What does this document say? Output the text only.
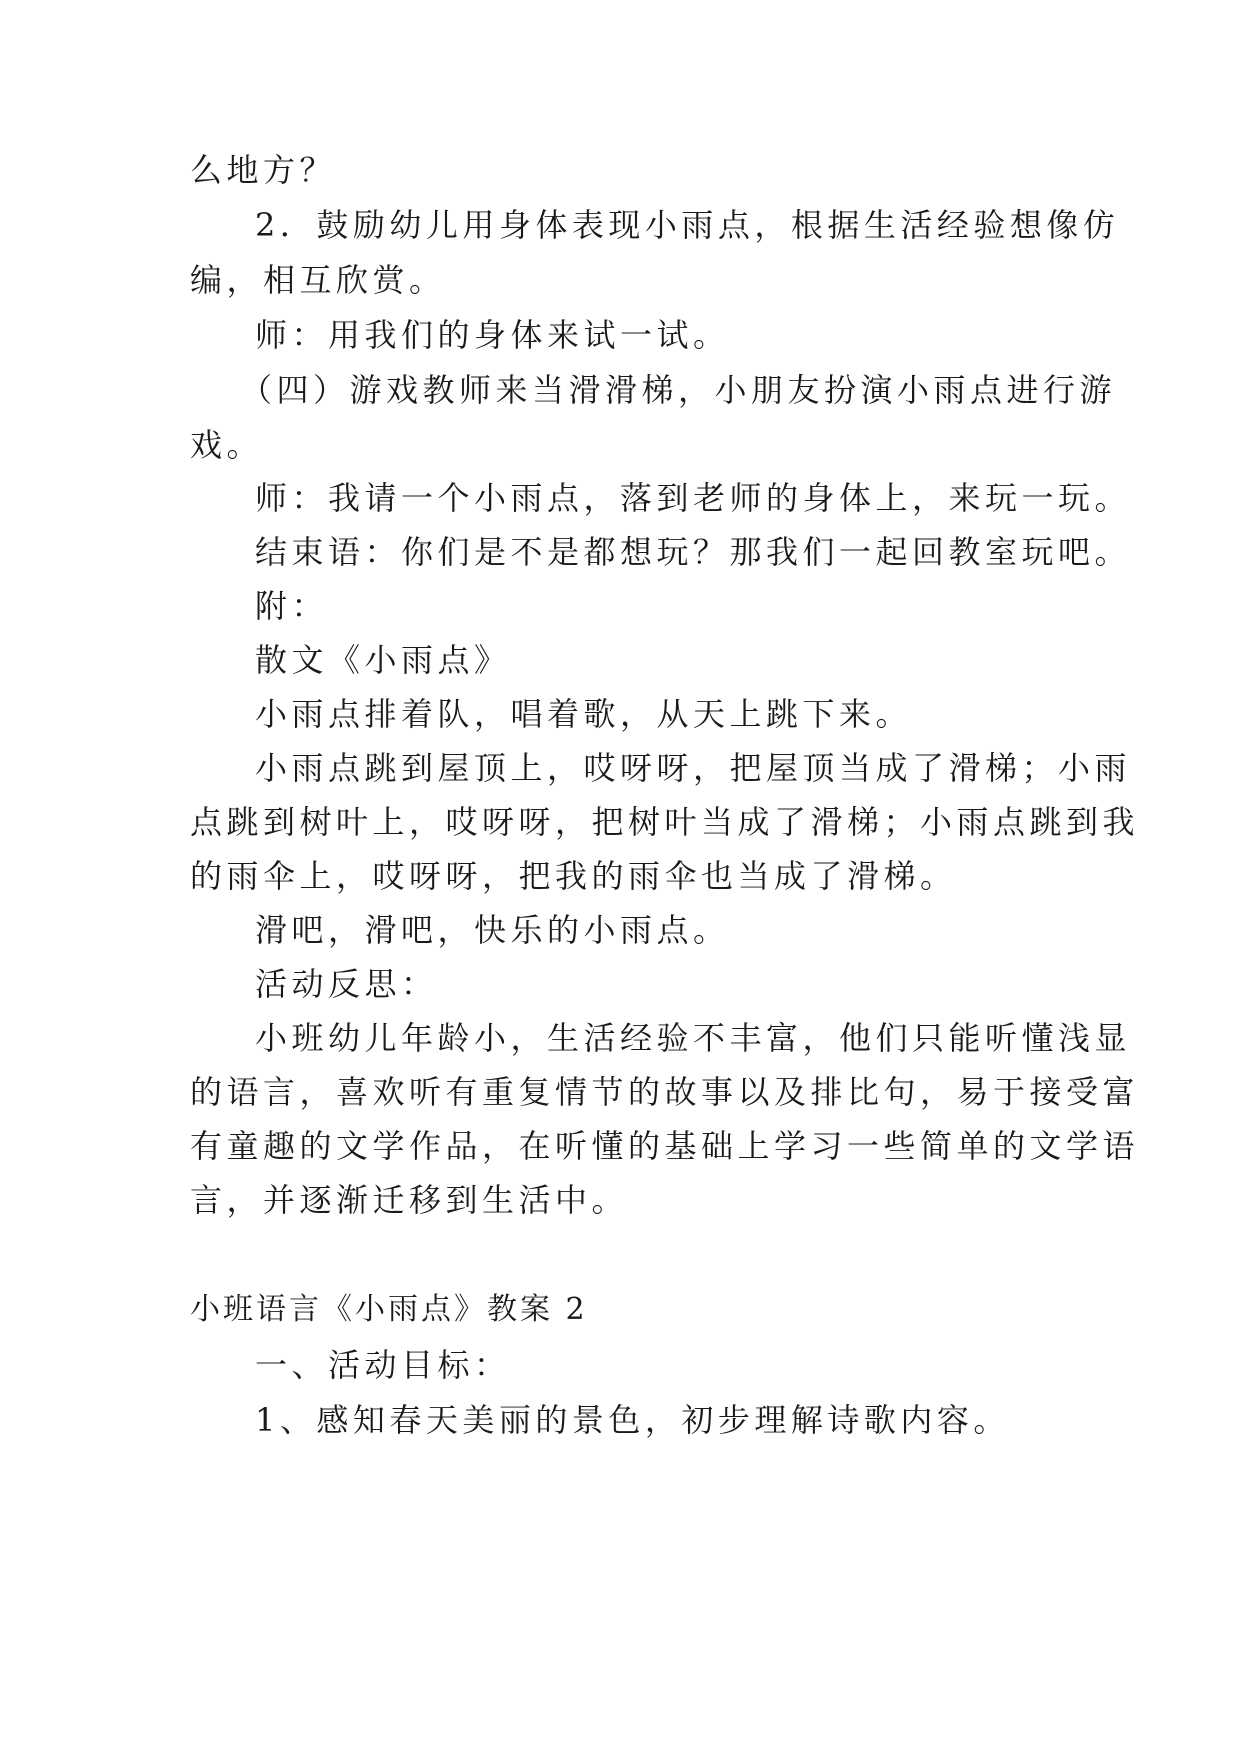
么地方？
2．鼓励幼儿用身体表现小雨点，根据生活经验想像仿
编，相互欣赏。
师：用我们的身体来试一试。
（四）游戏教师来当滑滑梯，小朋友扮演小雨点进行游
戏。
师：我请一个小雨点，落到老师的身体上，来玩一玩。
结束语：你们是不是都想玩？那我们一起回教室玩吧。
附：
散文《小雨点》
小雨点排着队，唱着歌，从天上跳下来。
小雨点跳到屋顶上，哎呀呀，把屋顶当成了滑梯；小雨
点跳到树叶上，哎呀呀，把树叶当成了滑梯；小雨点跳到我
的雨伞上，哎呀呀，把我的雨伞也当成了滑梯。
滑吧，滑吧，快乐的小雨点。
活动反思：
小班幼儿年龄小，生活经验不丰富，他们只能听懂浅显
的语言，喜欢听有重复情节的故事以及排比句，易于接受富
有童趣的文学作品，在听懂的基础上学习一些简单的文学语
言，并逐渐迁移到生活中。
小班语言《小雨点》教案 2
一、活动目标：
1、感知春天美丽的景色，初步理解诗歌内容。
